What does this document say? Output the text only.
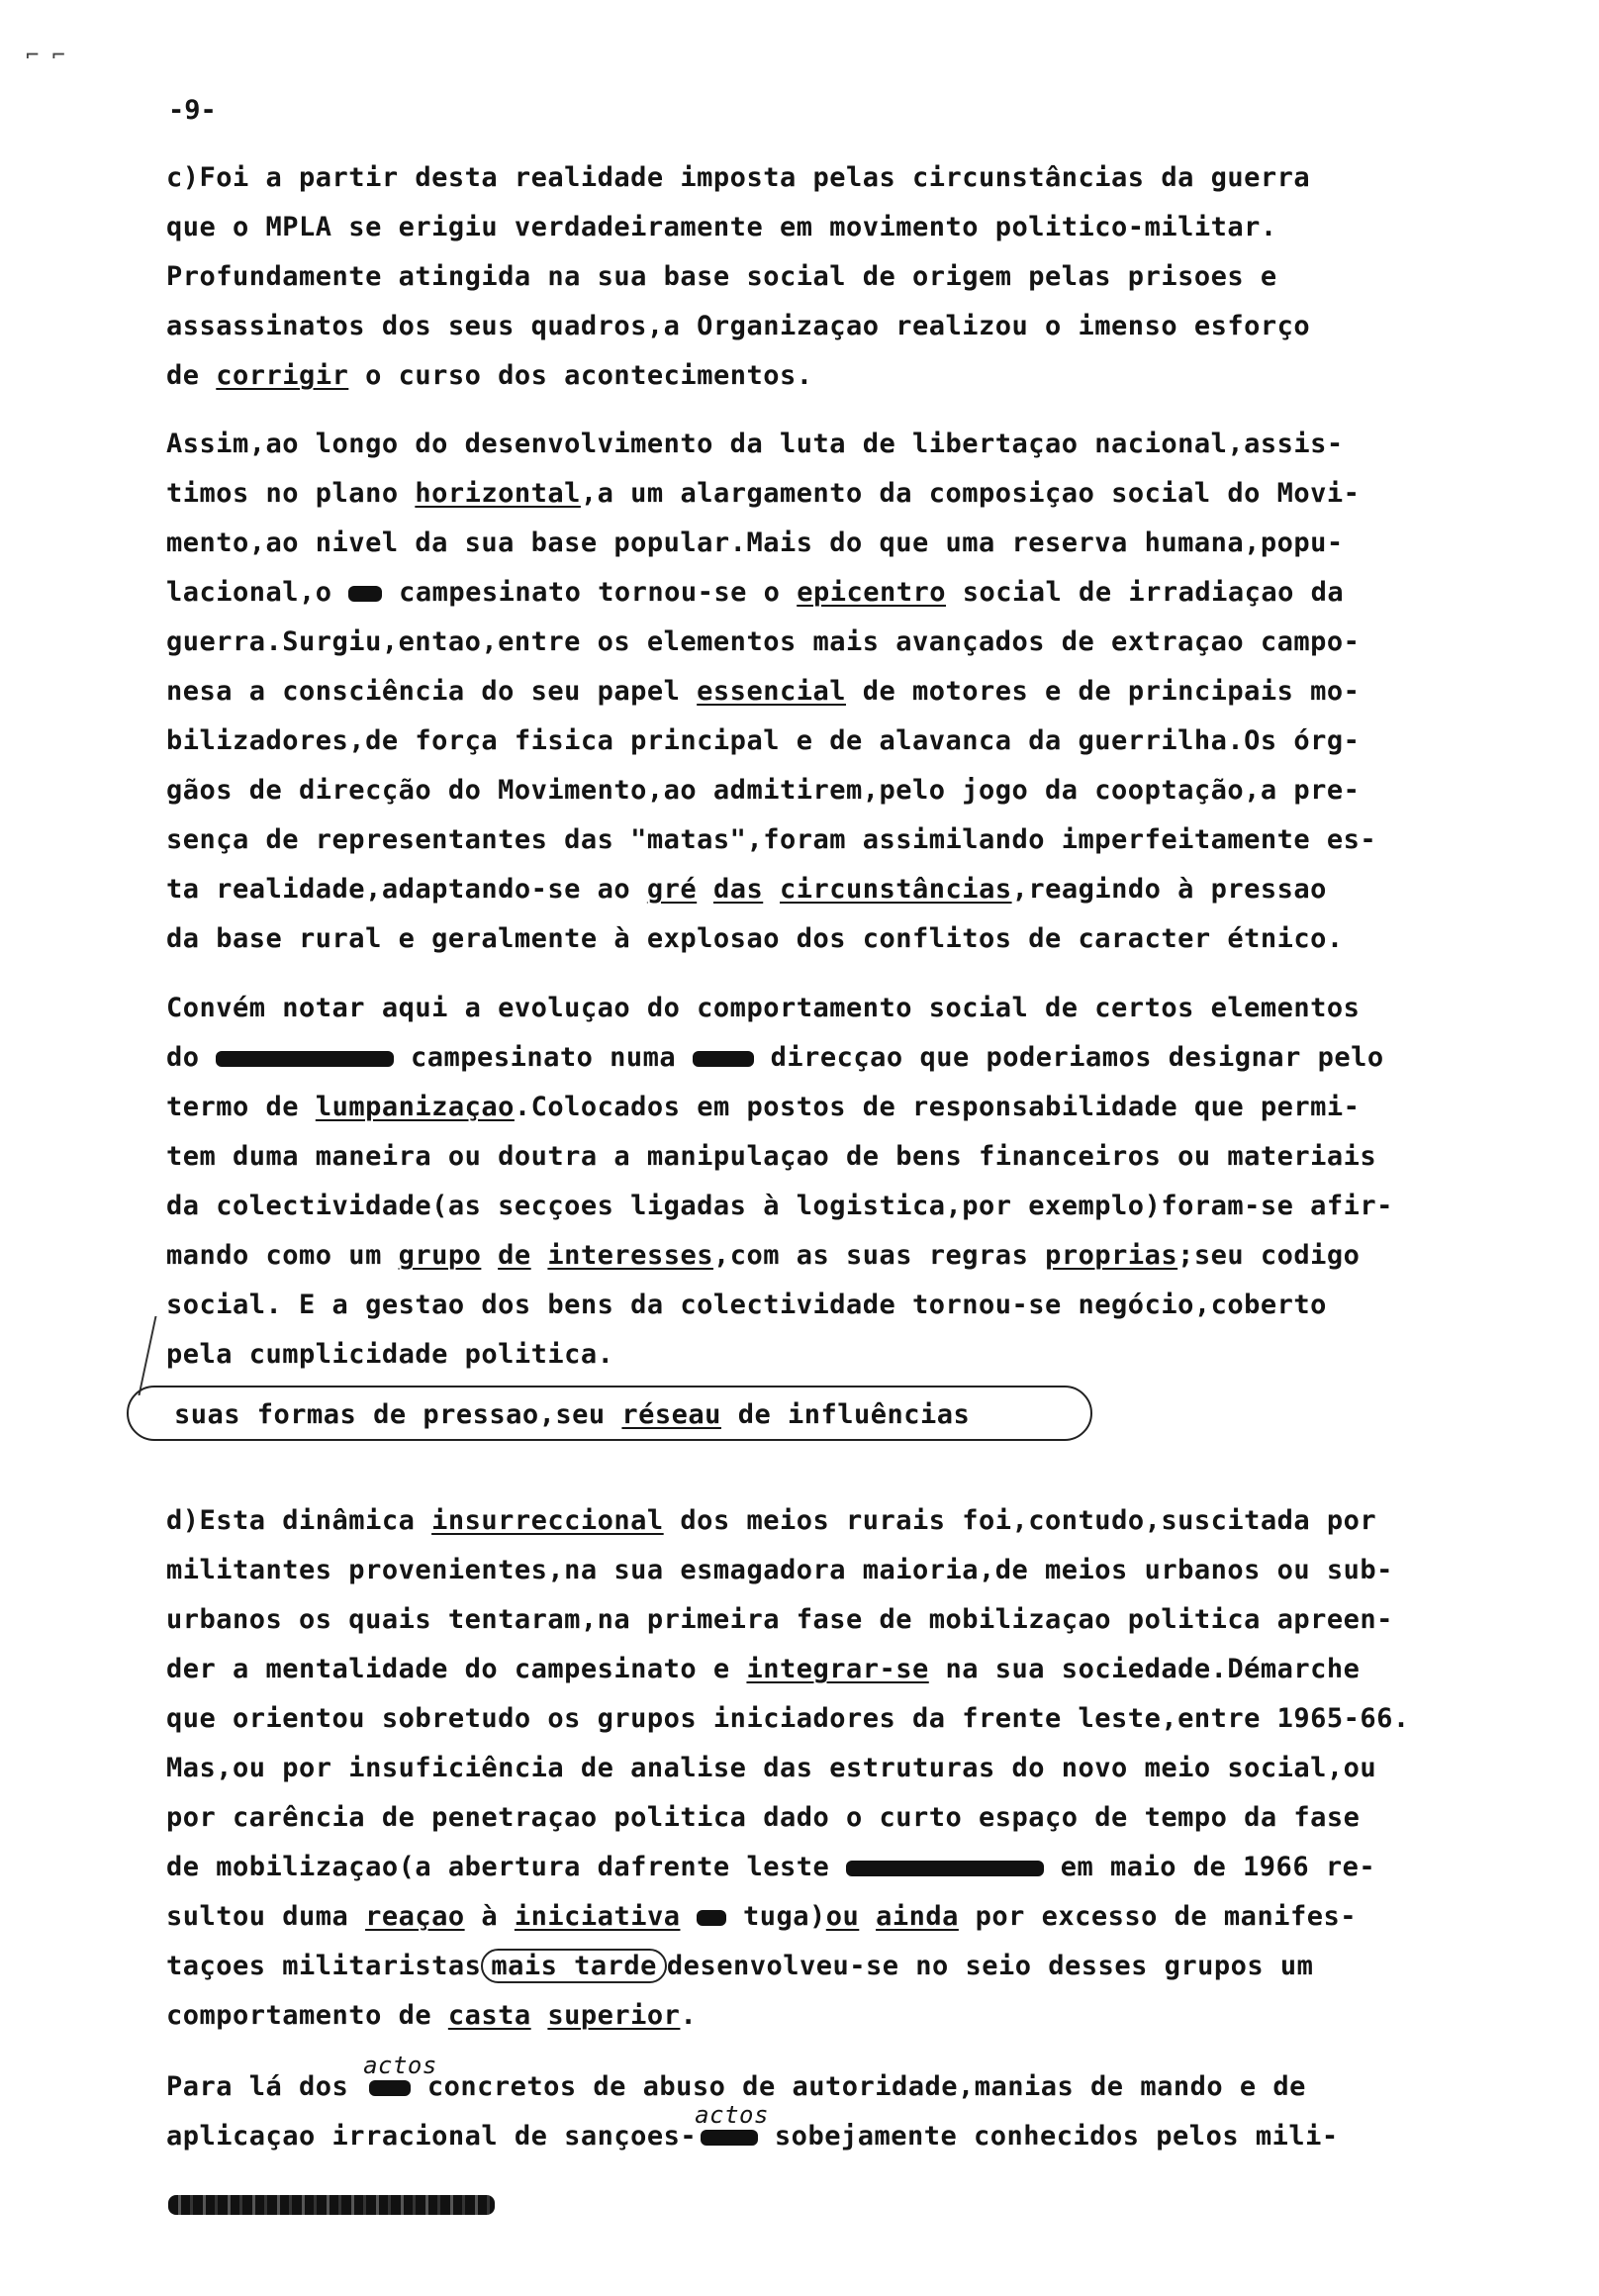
⌐ ⌐
-9-
c)Foi a partir desta realidade imposta pelas circunstâncias da guerra
que o MPLA se erigiu verdadeiramente em movimento politico-militar.
Profundamente atingida na sua base social de origem pelas prisoes e
assassinatos dos seus quadros,a Organizaçao realizou o imenso esforço
de corrigir o curso dos acontecimentos.
Assim,ao longo do desenvolvimento da luta de libertaçao nacional,assis-
timos no plano horizontal,a um alargamento da composiçao social do Movi-
mento,ao nivel da sua base popular.Mais do que uma reserva humana,popu-
lacional,o  campesinato tornou-se o epicentro social de irradiaçao da
guerra.Surgiu,entao,entre os elementos mais avançados de extraçao campo-
nesa a consciência do seu papel essencial de motores e de principais mo-
bilizadores,de força fisica principal e de alavanca da guerrilha.Os órg-
gãos de direcção do Movimento,ao admitirem,pelo jogo da cooptação,a pre-
sença de representantes das "matas",foram assimilando imperfeitamente es-
ta realidade,adaptando-se ao gré das circunstâncias,reagindo à pressao
da base rural e geralmente à explosao dos conflitos de caracter étnico.
Convém notar aqui a evoluçao do comportamento social de certos elementos
do	campesinato numa  direcçao que poderiamos designar pelo
termo de lumpanizaçao.Colocados em postos de responsabilidade que permi-
tem duma maneira ou doutra a manipulaçao de bens financeiros ou materiais
da colectividade(as secçoes ligadas à logistica,por exemplo)foram-se afir-
mando como um grupo de interesses,com as suas regras proprias;seu codigo
social. E a gestao dos bens da colectividade tornou-se negócio,coberto
pela cumplicidade politica.
suas formas de pressao,seu réseau de influências
d)Esta dinâmica insurreccional dos meios rurais foi,contudo,suscitada por
militantes provenientes,na sua esmagadora maioria,de meios urbanos ou sub-
urbanos os quais tentaram,na primeira fase de mobilizaçao politica apreen-
der a mentalidade do campesinato e integrar-se na sua sociedade.Démarche
que orientou sobretudo os grupos iniciadores da frente leste,entre 1965-66.
Mas,ou por insuficiência de analise das estruturas do novo meio social,ou
por carência de penetraçao politica dado o curto espaço de tempo da fase
de mobilizaçao(a abertura dafrente leste	em maio de 1966 re-
sultou duma reaçao à iniciativa  tuga)ou ainda por excesso de manifes-
taçoes militaristas mais tarde desenvolveu-se no seio desses grupos um
comportamento de casta superior.
Para lá dos actos concretos de abuso de autoridade,manias de mando e de
aplicaçao irracional de sançoes-actos sobejamente conhecidos pelos mili-
